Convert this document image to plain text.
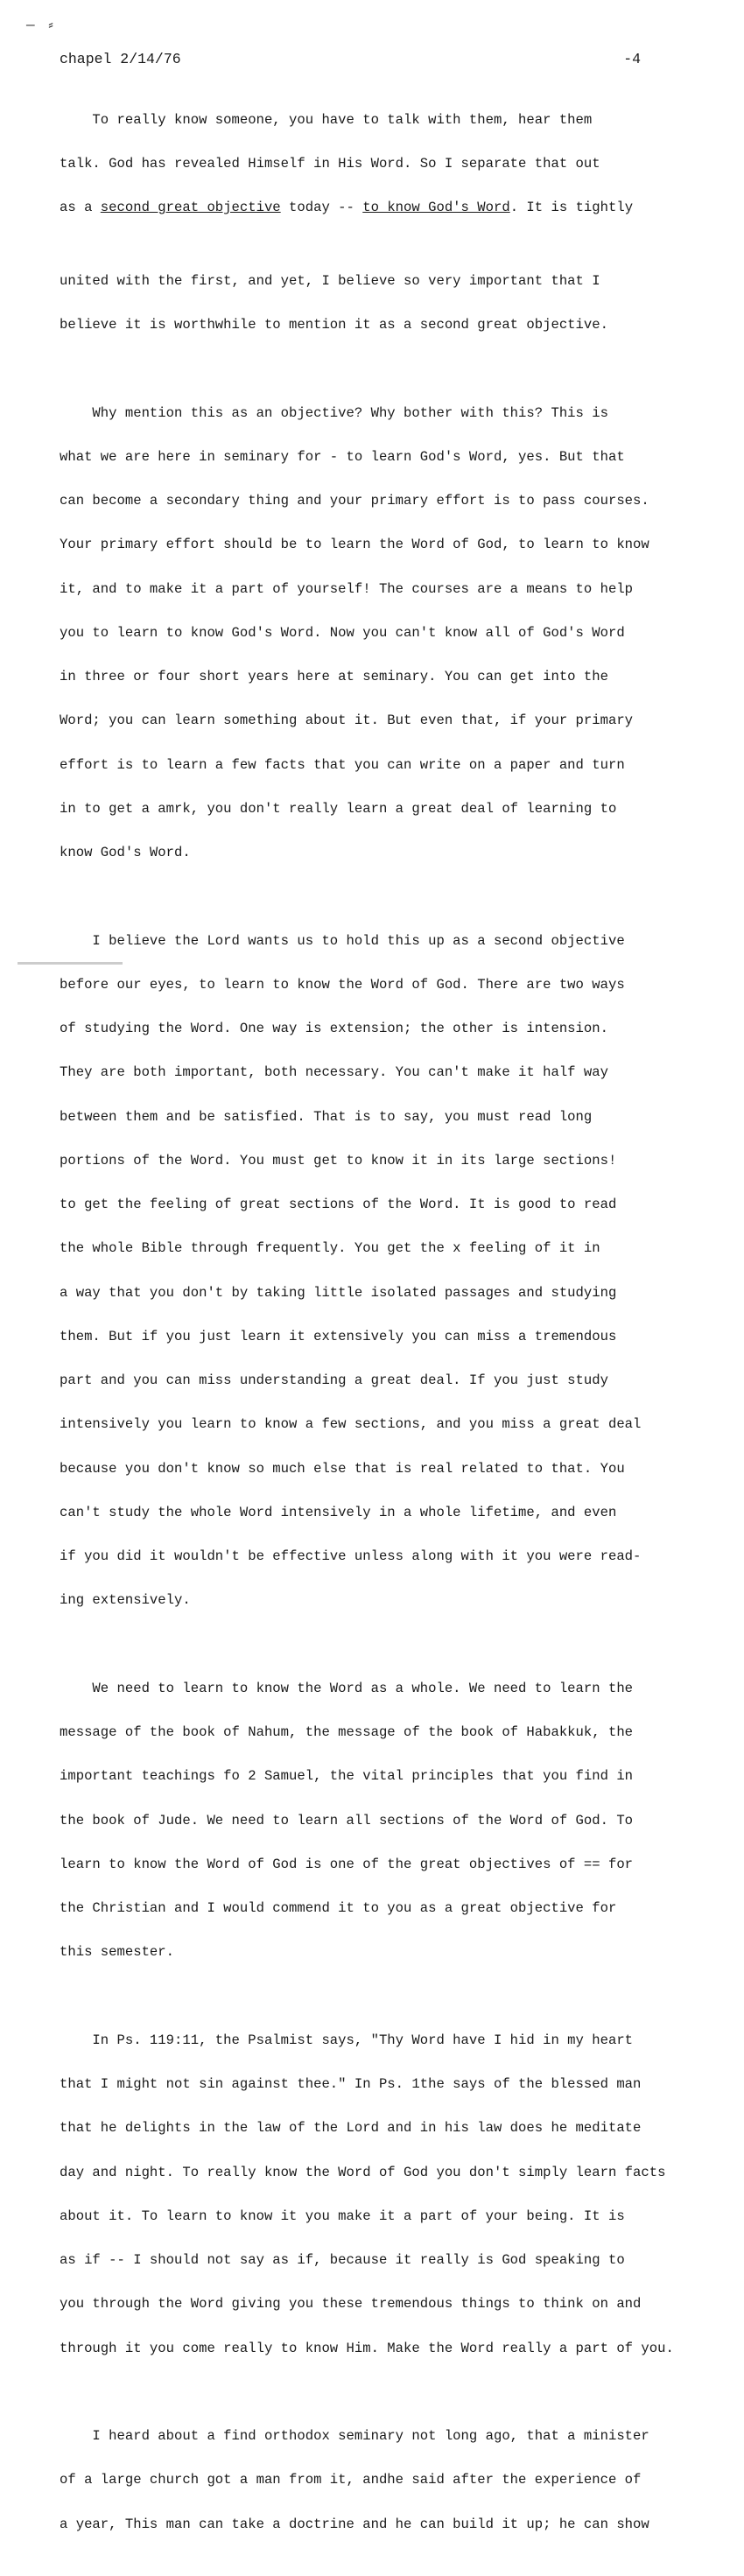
— ⸗
chapel 2/14/76	-4

To really know someone, you have to talk with them, hear them

talk. God has revealed Himself in His Word. So I separate that out

as a second great objective today -- to know God's Word. It is tightly

united with the first, and yet, I believe so very important that I

believe it is worthwhile to mention it as a second great objective.

Why mention this as an objective? Why bother with this? This is

what we are here in seminary for - to learn God's Word, yes. But that

can become a secondary thing and your primary effort is to pass courses.

Your primary effort should be to learn the Word of God, to learn to know

it, and to make it a part of yourself! The courses are a means to help

you to learn to know God's Word. Now you can't know all of God's Word

in three or four short years here at seminary. You can get into the

Word; you can learn something about it. But even that, if your primary

effort is to learn a few facts that you can write on a paper and turn

in to get a amrk, you don't really learn a great deal of learning to

know God's Word.

I believe the Lord wants us to hold this up as a second objective

before our eyes, to learn to know the Word of God. There are two ways

of studying the Word. One way is extension; the other is intension.

They are both important, both necessary. You can't make it half way

between them and be satisfied. That is to say, you must read long

portions of the Word. You must get to know it in its large sections!

to get the feeling of great sections of the Word. It is good to read

the whole Bible through frequently. You get the x feeling of it in

a way that you don't by taking little isolated passages and studying

them. But if you just learn it extensively you can miss a tremendous

part and you can miss understanding a great deal. If you just study

intensively you learn to know a few sections, and you miss a great deal

because you don't know so much else that is real related to that. You

can't study the whole Word intensively in a whole lifetime, and even

if you did it wouldn't be effective unless along with it you were read-

ing extensively.

We need to learn to know the Word as a whole. We need to learn the

message of the book of Nahum, the message of the book of Habakkuk, the

important teachings fo 2 Samuel, the vital principles that you find in

the book of Jude. We need to learn all sections of the Word of God. To

learn to know the Word of God is one of the great objectives of == for

the Christian and I would commend it to you as a great objective for

this semester.

In Ps. 119:11, the Psalmist says, "Thy Word have I hid in my heart

that I might not sin against thee." In Ps. 1the says of the blessed man

that he delights in the law of the Lord and in his law does he meditate

day and night. To really know the Word of God you don't simply learn facts

about it. To learn to know it you make it a part of your being. It is

as if -- I should not say as if, because it really is God speaking to

you through the Word giving you these tremendous things to think on and

through it you come really to know Him. Make the Word really a part of you.

I heard about a find orthodox seminary not long ago, that a minister

of a large church got a man from it, andhe said after the experience of

a year, This man can take a doctrine and he can build it up; he can show
